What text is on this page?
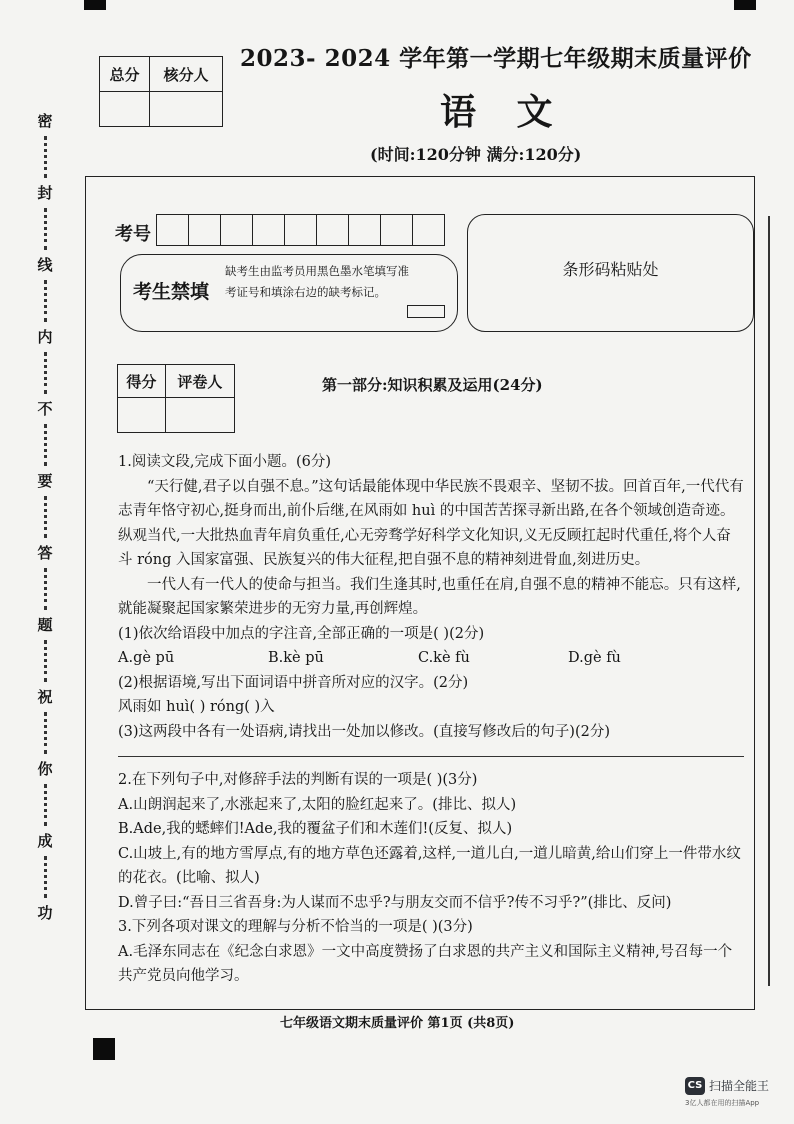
总分	核分人

2023- 2024 学年第一学期七年级期末质量评价
语 文
(时间:120分钟 满分:120分)
密
封
线
内
不
要
答
题
祝
你
成
功
考号
考生禁填
缺考生由监考员用黑色墨水笔填写准考证号和填涂右边的缺考标记。
条形码粘贴处
得分	评卷人
		第一部分:知识积累及运用(24分)
1.阅读文段,完成下面小题。(6分)
“天行健,君子以自强不息。”这句话最能体现中华民族不畏艰辛、坚韧不拔。回首百年,一代代有志青年恪守初心,挺身而出,前仆后继,在风雨如 huì 的中国苦苦探寻新出路,在各个领域创造奇迹。纵观当代,一大批热血青年肩负重任,心无旁骛学好科学文化知识,义无反顾扛起时代重任,将个人奋斗 róng 入国家富强、民族复兴的伟大征程,把自强不息的精神刻进骨血,刻进历史。
一代人有一代人的使命与担当。我们生逢其时,也重任在肩,自强不息的精神不能忘。只有这样,就能凝聚起国家繁荣进步的无穷力量,再创辉煌。
(1)依次给语段中加点的字注音,全部正确的一项是( )(2分)
A.gè pū	B.kè pū	C.kè fù	D.gè fù
(2)根据语境,写出下面词语中拼音所对应的汉字。(2分)
风雨如 huì( ) róng( )入
(3)这两段中各有一处语病,请找出一处加以修改。(直接写修改后的句子)(2分)
2.在下列句子中,对修辞手法的判断有误的一项是( )(3分)
A.山朗润起来了,水涨起来了,太阳的脸红起来了。(排比、拟人)
B.Ade,我的蟋蟀们!Ade,我的覆盆子们和木莲们!(反复、拟人)
C.山坡上,有的地方雪厚点,有的地方草色还露着,这样,一道儿白,一道儿暗黄,给山们穿上一件带水纹的花衣。(比喻、拟人)
D.曾子曰:“吾日三省吾身:为人谋而不忠乎?与朋友交而不信乎?传不习乎?”(排比、反问)
3.下列各项对课文的理解与分析不恰当的一项是( )(3分)
A.毛泽东同志在《纪念白求恩》一文中高度赞扬了白求恩的共产主义和国际主义精神,号召每一个共产党员向他学习。
七年级语文期末质量评价 第1页 (共8页)
CS 扫描全能王
3亿人都在用的扫描App
